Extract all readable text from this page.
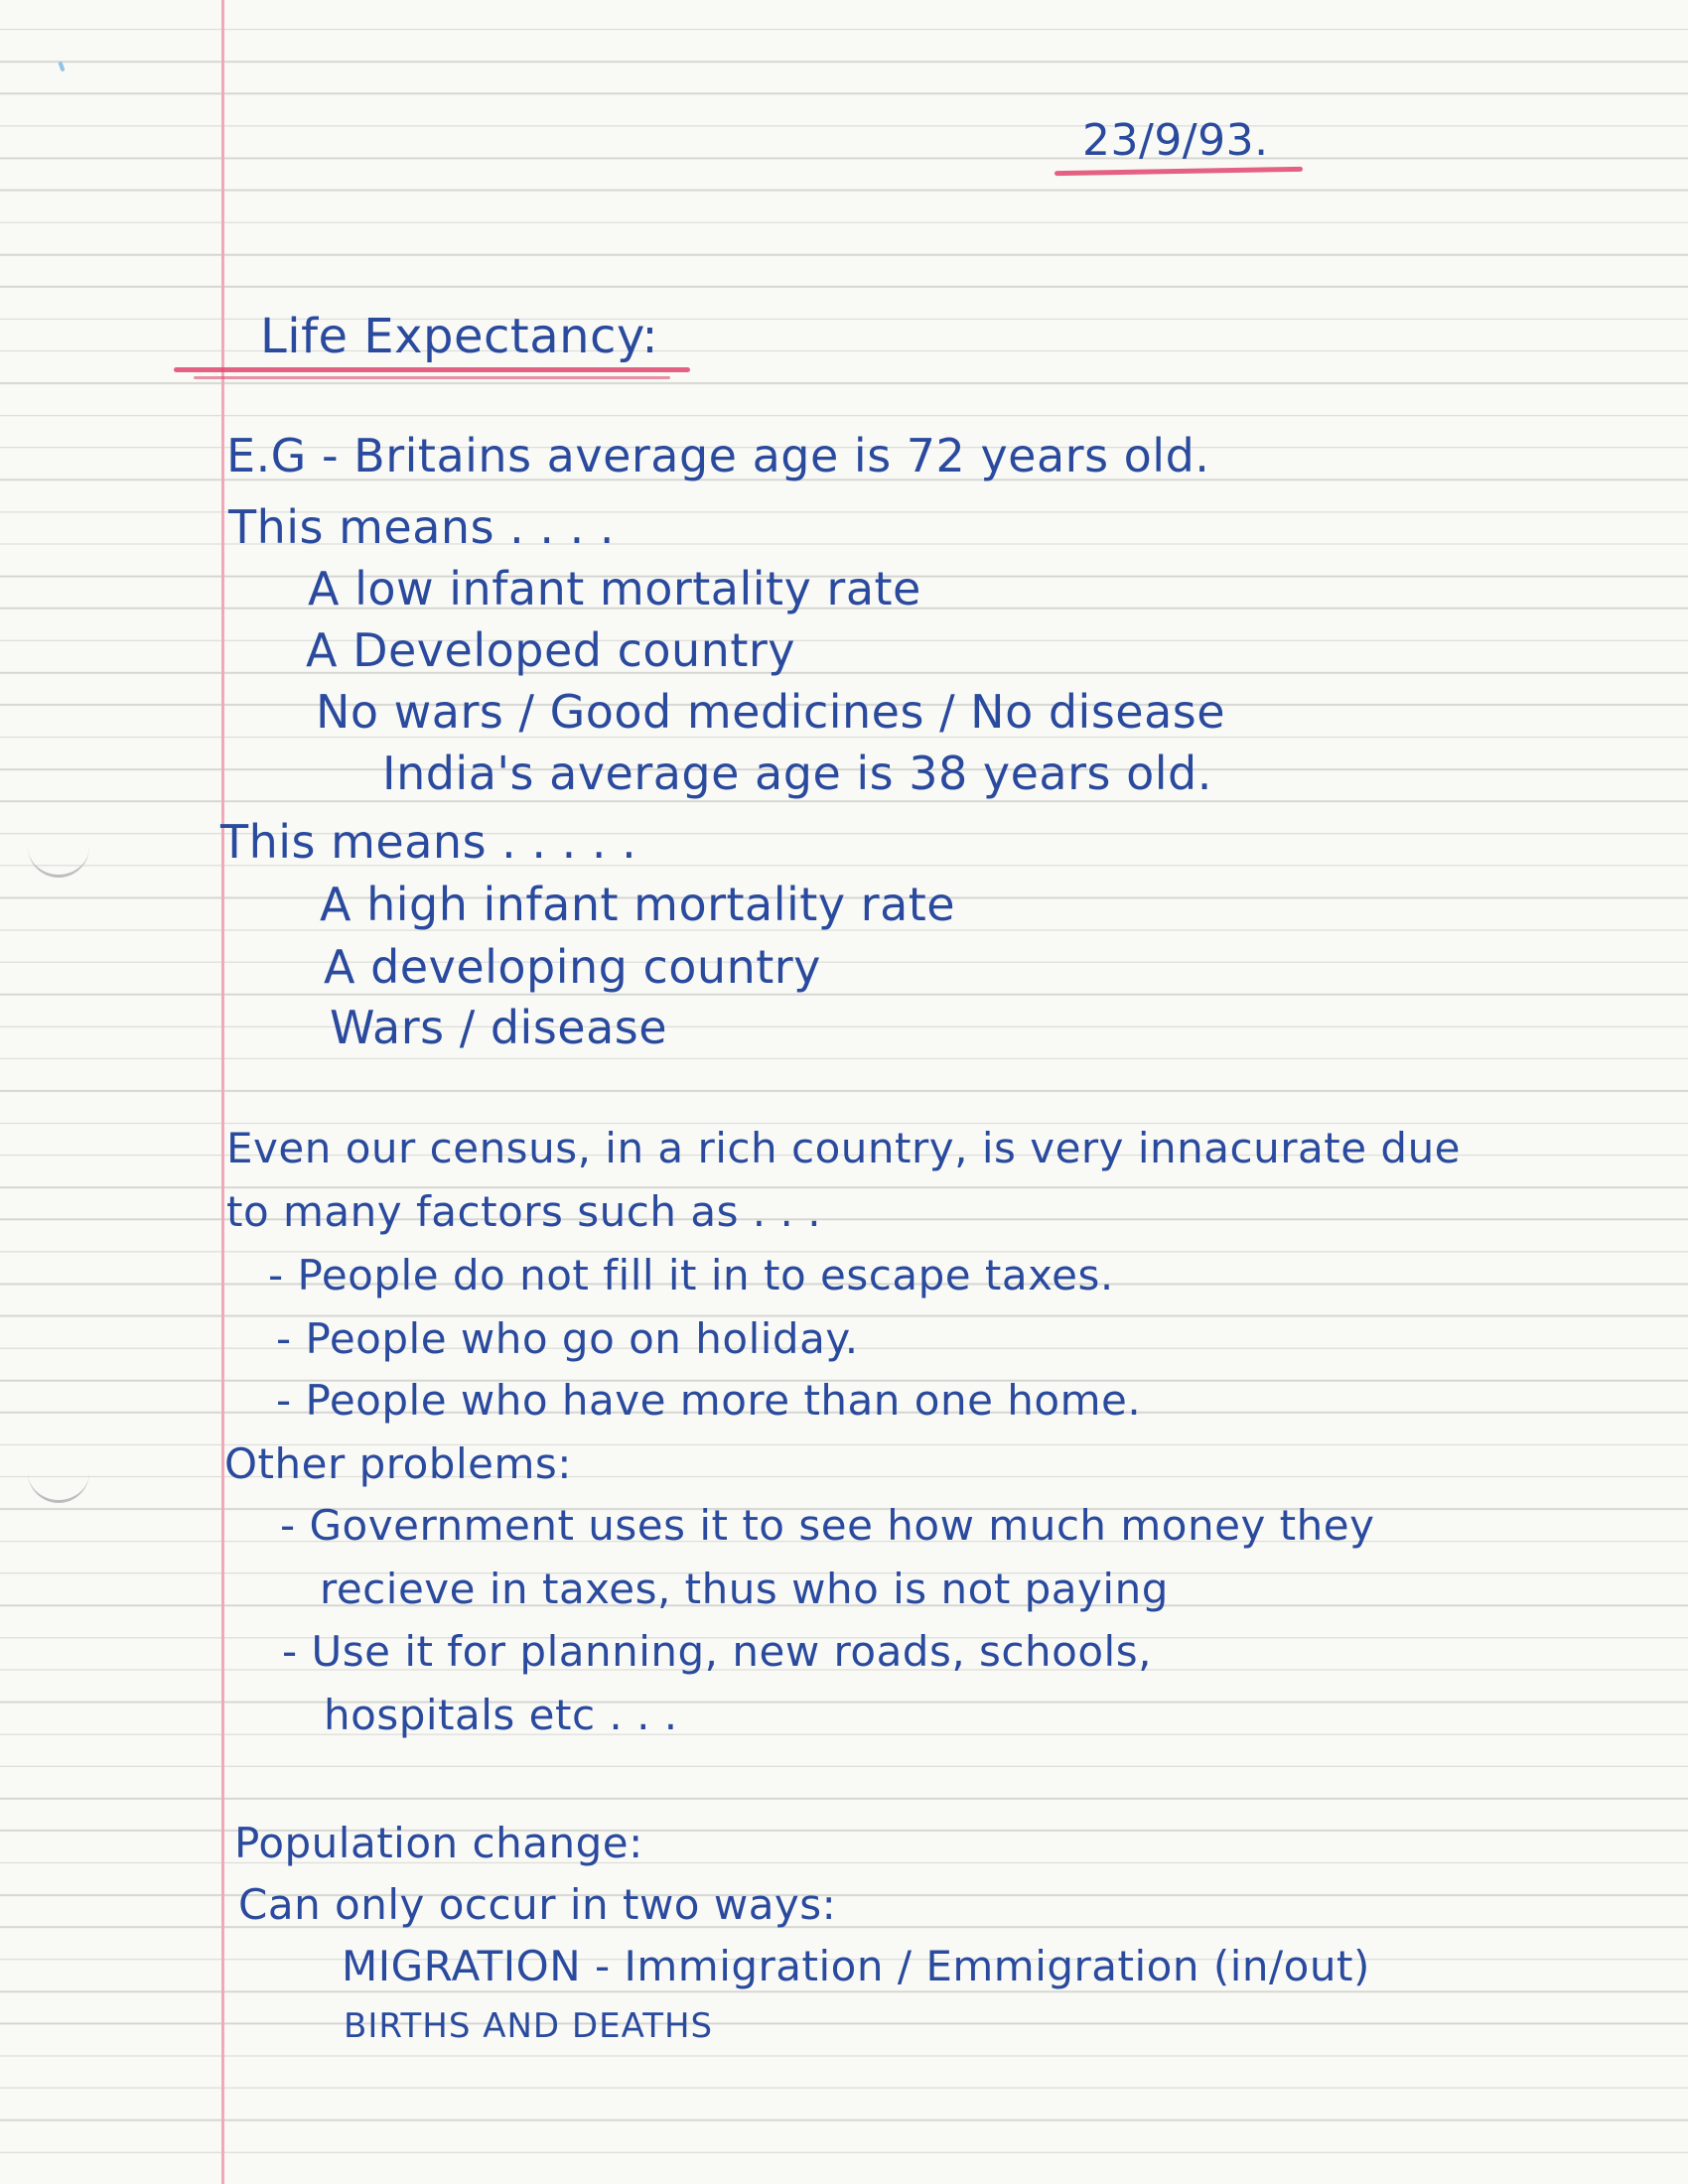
23/9/93.
Life Expectancy:
E.G - Britains average age is 72 years old.
This means . . . .
A low infant mortality rate
A Developed country
No wars / Good medicines / No disease
India's average age is 38 years old.
This means . . . . .
A high infant mortality rate
A developing country
Wars / disease
Even our census, in a rich country, is very innacurate due
to many factors such as . . .
- People do not fill it in to escape taxes.
- People who go on holiday.
- People who have more than one home.
Other problems:
- Government uses it to see how much money they
recieve in taxes, thus who is not paying
- Use it for planning, new roads, schools,
hospitals etc . . .
Population change:
Can only occur in two ways:
MIGRATION - Immigration / Emmigration (in/out)
BIRTHS AND DEATHS
